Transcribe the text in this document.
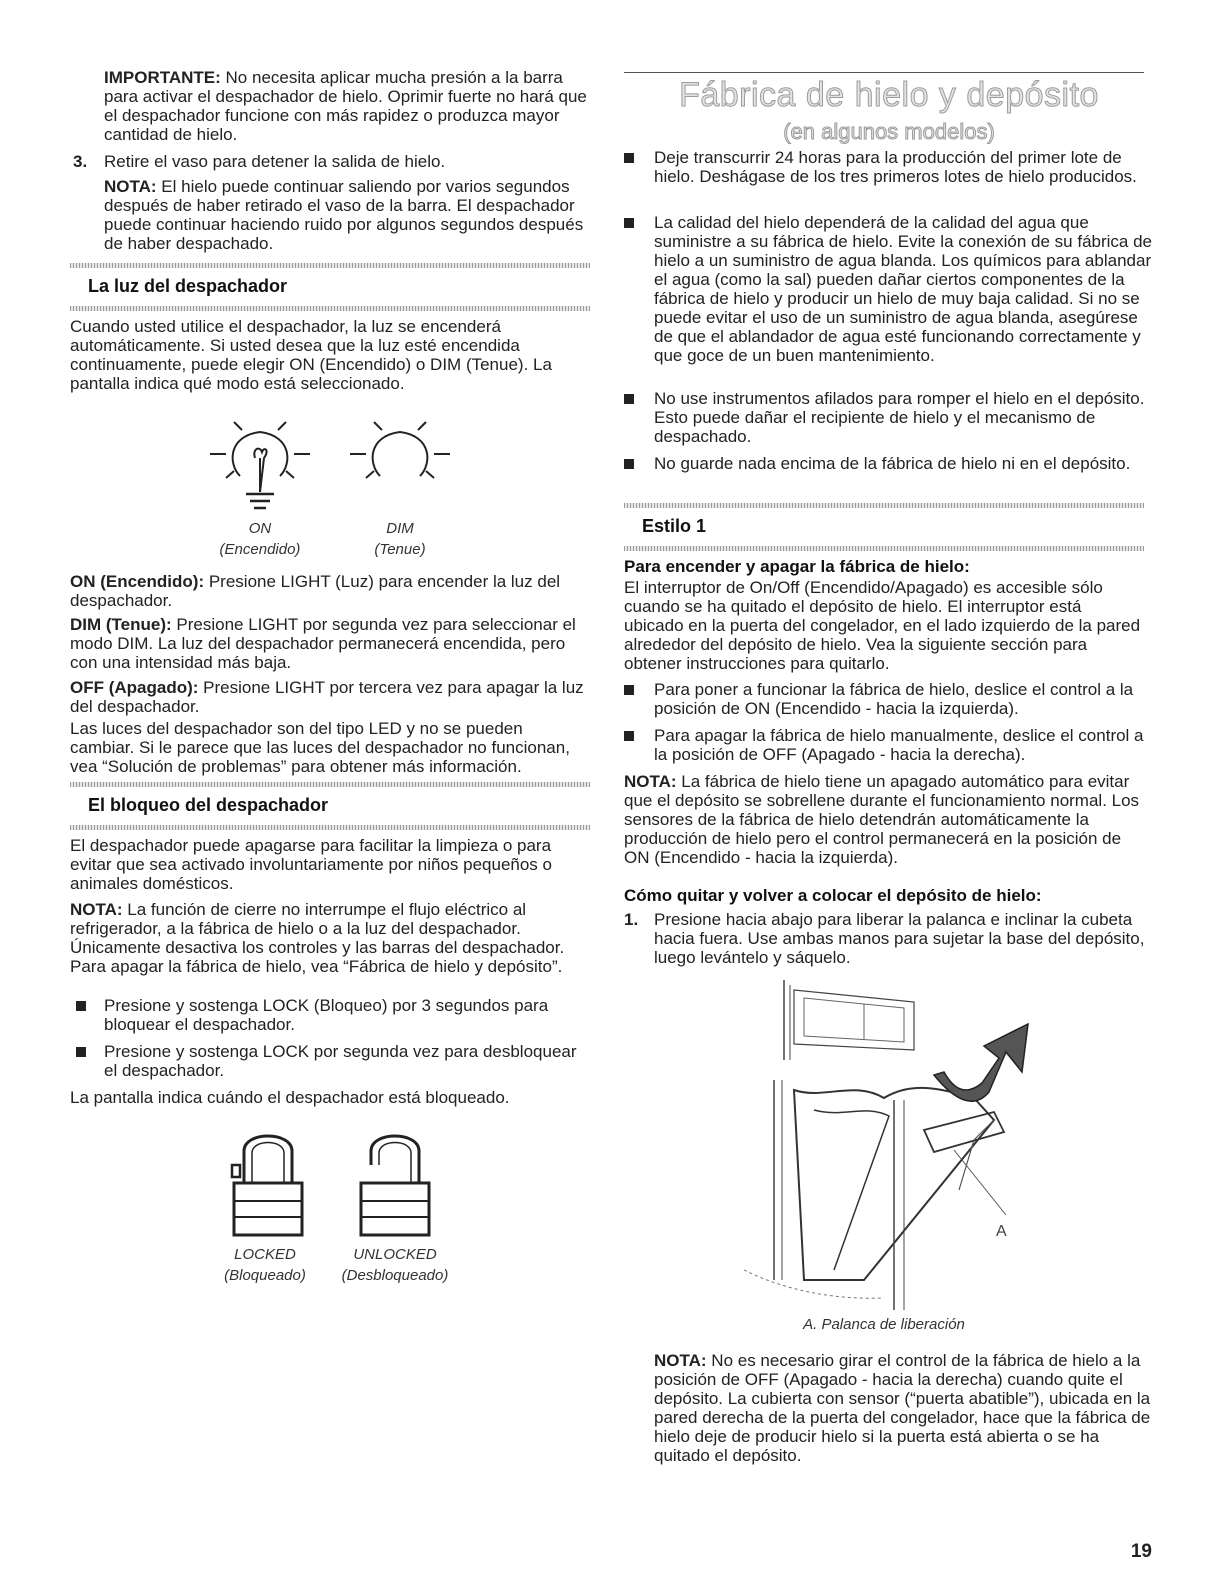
IMPORTANTE: No necesita aplicar mucha presión a la barra para activar el despachador de hielo. Oprimir fuerte no hará que el despachador funcione con más rapidez o produzca mayor cantidad de hielo.

3. Retire el vaso para detener la salida de hielo.

NOTA: El hielo puede continuar saliendo por varios segundos después de haber retirado el vaso de la barra. El despachador puede continuar haciendo ruido por algunos segundos después de haber despachado.

La luz del despachador

Cuando usted utilice el despachador, la luz se encenderá automáticamente. Si usted desea que la luz esté encendida continuamente, puede elegir ON (Encendido) o DIM (Tenue). La pantalla indica qué modo está seleccionado.

ON
(Encendido)
DIM
(Tenue)

ON (Encendido): Presione LIGHT (Luz) para encender la luz del despachador.

DIM (Tenue): Presione LIGHT por segunda vez para seleccionar el modo DIM. La luz del despachador permanecerá encendida, pero con una intensidad más baja.

OFF (Apagado): Presione LIGHT por tercera vez para apagar la luz del despachador.

Las luces del despachador son del tipo LED y no se pueden cambiar. Si le parece que las luces del despachador no funcionan, vea “Solución de problemas” para obtener más información.

El bloqueo del despachador

El despachador puede apagarse para facilitar la limpieza o para evitar que sea activado involuntariamente por niños pequeños o animales domésticos.

NOTA: La función de cierre no interrumpe el flujo eléctrico al refrigerador, a la fábrica de hielo o a la luz del despachador. Únicamente desactiva los controles y las barras del despachador. Para apagar la fábrica de hielo, vea “Fábrica de hielo y depósito”.

Presione y sostenga LOCK (Bloqueo) por 3 segundos para bloquear el despachador.

Presione y sostenga LOCK por segunda vez para desbloquear el despachador.

La pantalla indica cuándo el despachador está bloqueado.

LOCKED
(Bloqueado)
UNLOCKED
(Desbloqueado)
Fábrica de hielo y depósito
(en algunos modelos)

Deje transcurrir 24 horas para la producción del primer lote de hielo. Deshágase de los tres primeros lotes de hielo producidos.

La calidad del hielo dependerá de la calidad del agua que suministre a su fábrica de hielo. Evite la conexión de su fábrica de hielo a un suministro de agua blanda. Los químicos para ablandar el agua (como la sal) pueden dañar ciertos componentes de la fábrica de hielo y producir un hielo de muy baja calidad. Si no se puede evitar el uso de un suministro de agua blanda, asegúrese de que el ablandador de agua esté funcionando correctamente y que goce de un buen mantenimiento.

No use instrumentos afilados para romper el hielo en el depósito. Esto puede dañar el recipiente de hielo y el mecanismo de despachado.

No guarde nada encima de la fábrica de hielo ni en el depósito.

Estilo 1
Para encender y apagar la fábrica de hielo:

El interruptor de On/Off (Encendido/Apagado) es accesible sólo cuando se ha quitado el depósito de hielo. El interruptor está ubicado en la puerta del congelador, en el lado izquierdo de la pared alrededor del depósito de hielo. Vea la siguiente sección para obtener instrucciones para quitarlo.

Para poner a funcionar la fábrica de hielo, deslice el control a la posición de ON (Encendido - hacia la izquierda).

Para apagar la fábrica de hielo manualmente, deslice el control a la posición de OFF (Apagado - hacia la derecha).

NOTA: La fábrica de hielo tiene un apagado automático para evitar que el depósito se sobrellene durante el funcionamiento normal. Los sensores de la fábrica de hielo detendrán automáticamente la producción de hielo pero el control permanecerá en la posición de ON (Encendido - hacia la izquierda).

Cómo quitar y volver a colocar el depósito de hielo:
1. Presione hacia abajo para liberar la palanca e inclinar la cubeta hacia fuera. Use ambas manos para sujetar la base del depósito, luego levántelo y sáquelo.

A
A. Palanca de liberación

NOTA: No es necesario girar el control de la fábrica de hielo a la posición de OFF (Apagado - hacia la derecha) cuando quite el depósito. La cubierta con sensor (“puerta abatible”), ubicada en la pared derecha de la puerta del congelador, hace que la fábrica de hielo deje de producir hielo si la puerta está abierta o se ha quitado el depósito.

19
